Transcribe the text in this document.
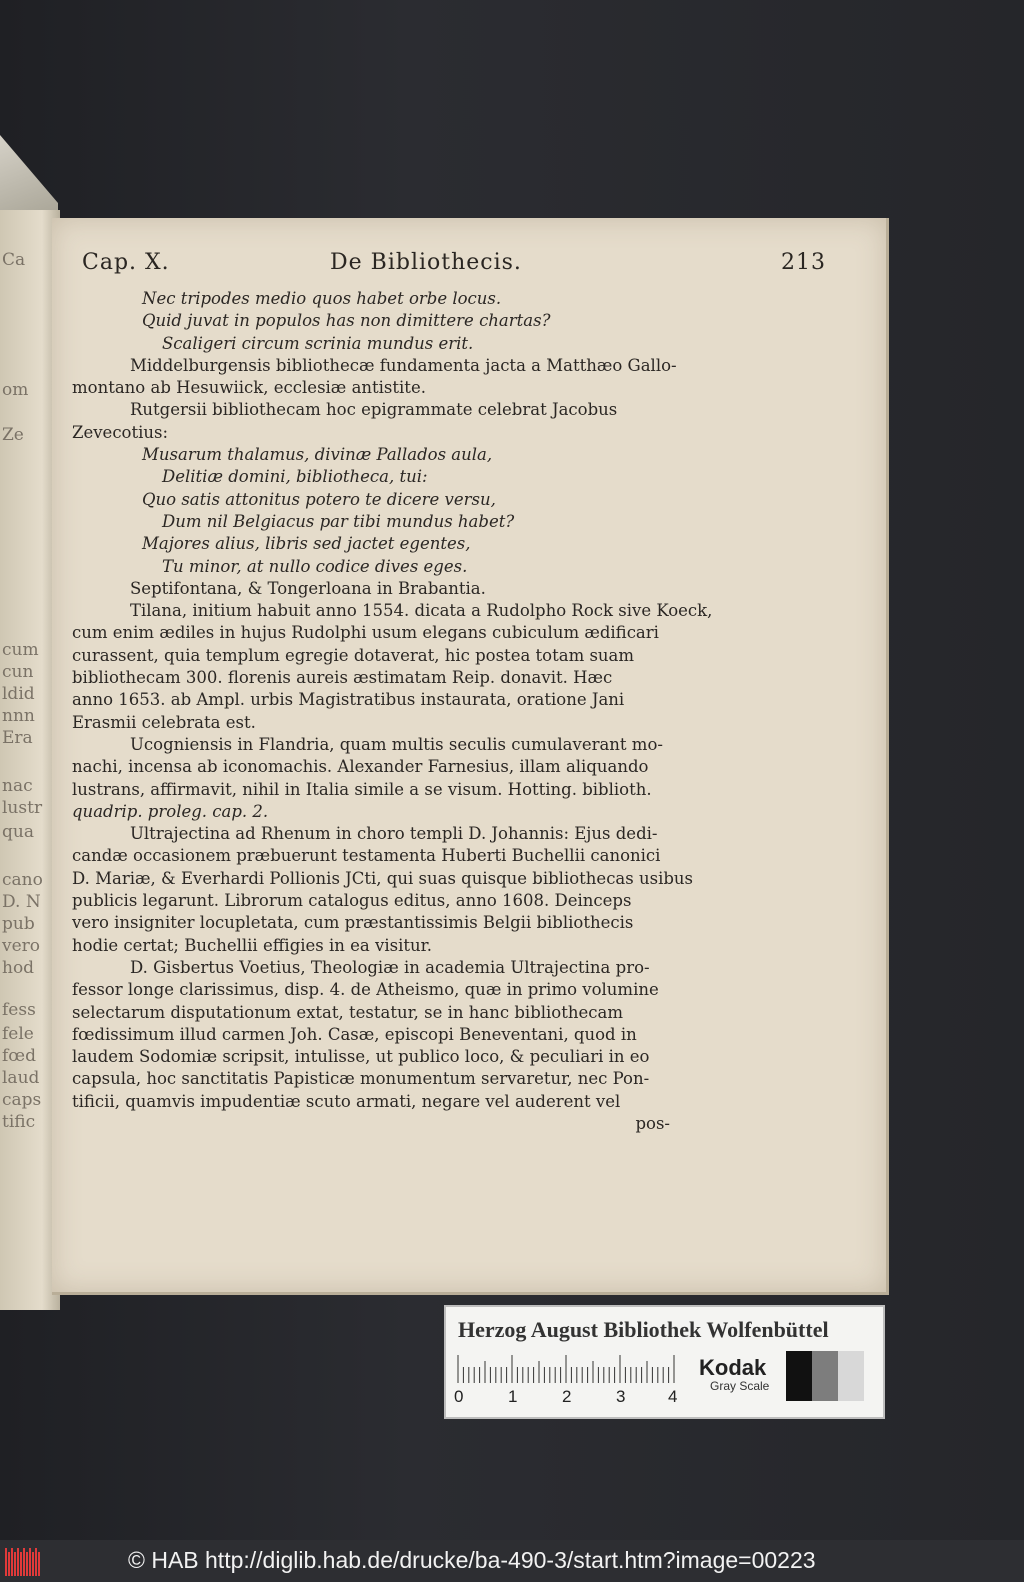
Ca
om
Ze
cum
cun
ldid
nnn
Era
nac
lustr
qua
cano
D. N
pub
vero
hod
fess
fele
fœd
laud
caps
tific
Cap. X.	De Bibliothecis.	213
Nec tripodes medio quos habet orbe locus.
Quid juvat in populos has non dimittere chartas?
Scaligeri circum scrinia mundus erit.
Middelburgensis bibliothecæ fundamenta jacta a Matthæo Gallo-
montano ab Hesuwiick, ecclesiæ antistite.
Rutgersii bibliothecam hoc epigrammate celebrat Jacobus
Zevecotius:
Musarum thalamus, divinæ Pallados aula,
Delitiæ domini, bibliotheca, tui:
Quo satis attonitus potero te dicere versu,
Dum nil Belgiacus par tibi mundus habet?
Majores alius, libris sed jactet egentes,
Tu minor, at nullo codice dives eges.
Septifontana, & Tongerloana in Brabantia.
Tilana, initium habuit anno 1554. dicata a Rudolpho Rock sive Koeck,
cum enim ædiles in hujus Rudolphi usum elegans cubiculum ædificari
curassent, quia templum egregie dotaverat, hic postea totam suam
bibliothecam 300. florenis aureis æstimatam Reip. donavit. Hæc
anno 1653. ab Ampl. urbis Magistratibus instaurata, oratione Jani
Erasmii celebrata est.
Ucogniensis in Flandria, quam multis seculis cumulaverant mo-
nachi, incensa ab iconomachis. Alexander Farnesius, illam aliquando
lustrans, affirmavit, nihil in Italia simile a se visum. Hotting. biblioth.
quadrip. proleg. cap. 2.
Ultrajectina ad Rhenum in choro templi D. Johannis: Ejus dedi-
candæ occasionem præbuerunt testamenta Huberti Buchellii canonici
D. Mariæ, & Everhardi Pollionis JCti, qui suas quisque bibliothecas usibus
publicis legarunt. Librorum catalogus editus, anno 1608. Deinceps
vero insigniter locupletata, cum præstantissimis Belgii bibliothecis
hodie certat; Buchellii effigies in ea visitur.
D. Gisbertus Voetius, Theologiæ in academia Ultrajectina pro-
fessor longe clarissimus, disp. 4. de Atheismo, quæ in primo volumine
selectarum disputationum extat, testatur, se in hanc bibliothecam
fœdissimum illud carmen Joh. Casæ, episcopi Beneventani, quod in
laudem Sodomiæ scripsit, intulisse, ut publico loco, & peculiari in eo
capsula, hoc sanctitatis Papisticæ monumentum servaretur, nec Pon-
tificii, quamvis impudentiæ scuto armati, negare vel auderent vel
pos-
Herzog August Bibliothek Wolfenbüttel
0	1	2	3	4
Kodak
Gray Scale
© HAB http://diglib.hab.de/drucke/ba-490-3/start.htm?image=00223
